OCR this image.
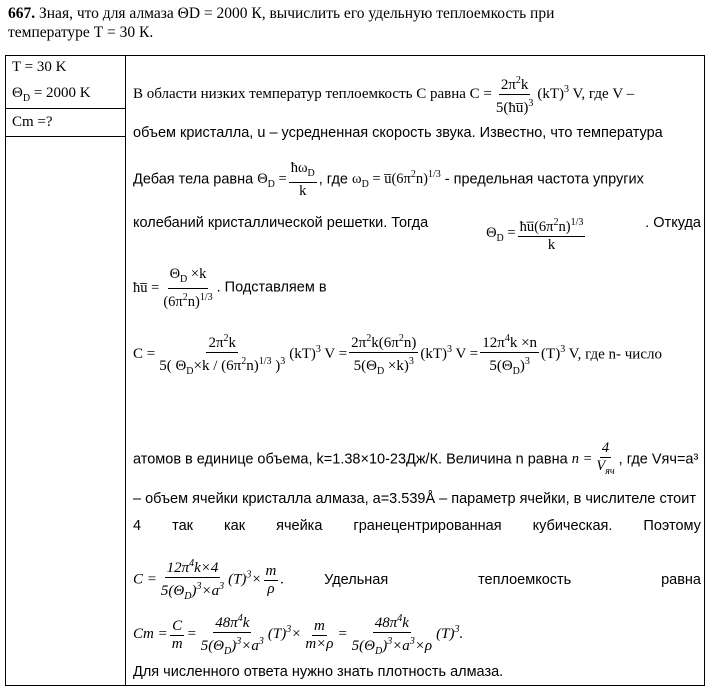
667. Зная, что для алмаза ΘD = 2000 К, вычислить его удельную теплоемкость при
температуре Т = 30 К.
T = 30 K
$\Theta_D = 2000$ K
Cm =?
В области низких температур теплоемкость С равна $C = \frac{2\pi^2k}{5(ħu̅)^3} (kT)^3$ V, где V –
объем кристалла, u – усредненная скорость звука. Известно, что температура
Дебая тела равна $\Theta_D = \frac{ħ\omega_D}{k}$ , где $\omega_D$ = $u̅(6\pi^2n)^{1/3}$ - предельная частота упругих
колебаний кристаллической решетки. Тогда
$\Theta_D = \frac{ħu̅(6\pi^2n)^{1/3}}{k}$	. Откуда
ħu̅ = $\frac{\Theta_D \times k}{(6\pi^2n)^{1/3}}$ . Подставляем в
$C = \frac{2\pi^2k}{5( \Theta_D\times k / (6\pi^2n)^{1/3} )^3} (kT)^3$ $V = \frac{2\pi^2k(6\pi^2n)}{5(\Theta_D \times k)^3} (kT)^3$ $V = \frac{12\pi^4k \times n}{5(\Theta_D)^3} (T)^3$ V, где n- число
атомов в единице объема, k=1.38×10-23Дж/К. Величина n равна $n = \frac{4}{V_{яч}}$ , где Vяч=a³
– объем ячейки кристалла алмаза, а=3.539Å – параметр ячейки, в числителе стоит
4 так как ячейка гранецентрированная кубическая. Поэтому
$C = \frac{12\pi^4k\times 4}{5(\Theta_D)^3\times a^3} (T)^3\times \frac{m}{\rho}$ .	Удельная	теплоемкость	равна
$Cm = \frac{C}{m} = \frac{48\pi^4k}{5(\Theta_D)^3\times a^3} (T)^3\times \frac{m}{m\times\rho} = \frac{48\pi^4k}{5(\Theta_D)^3\times a^3\times\rho} (T)^3$.
Для численного ответа нужно знать плотность алмаза.
